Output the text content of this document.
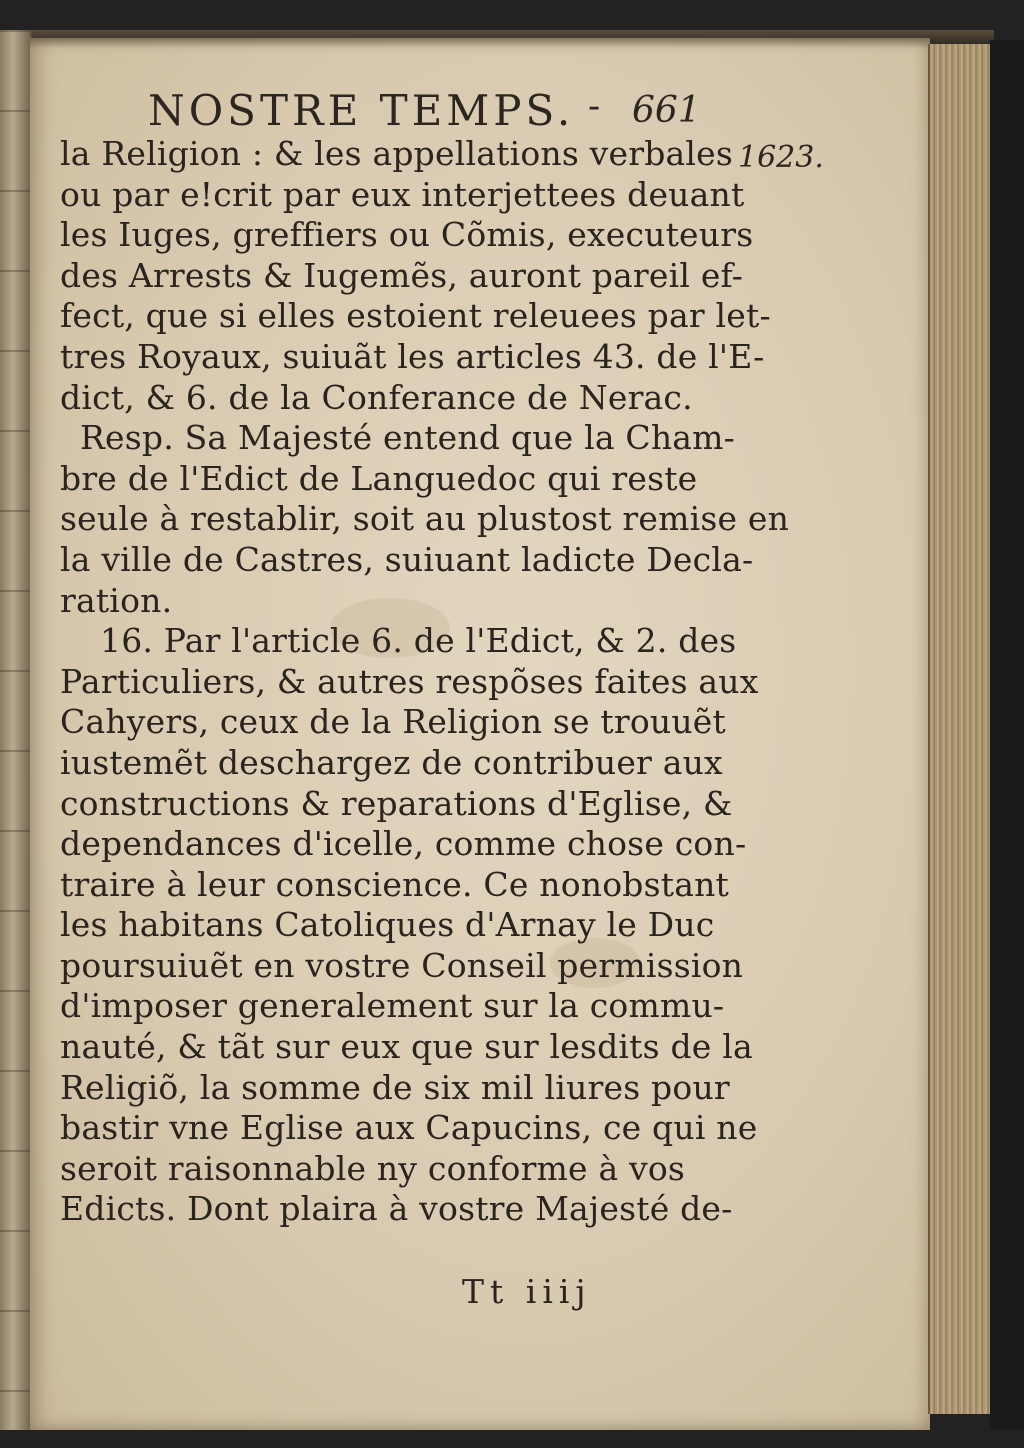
NOSTRE TEMPS. - 661
1623.
la Religion : & les appellations verbales
ou par e!crit par eux interjettees deuant
les Iuges, greffiers ou Cõmis, executeurs
des Arrests & Iugemẽs, auront pareil ef-
fect, que si elles estoient releuees par let-
tres Royaux, suiuãt les articles 43. de l'E-
dict, & 6. de la Conferance de Nerac.
Resp. Sa Majesté entend que la Cham-
bre de l'Edict de Languedoc qui reste
seule à restablir, soit au plustost remise en
la ville de Castres, suiuant ladicte Decla-
ration.
16. Par l'article 6. de l'Edict, & 2. des
Particuliers, & autres respõses faites aux
Cahyers, ceux de la Religion se trouuẽt
iustemẽt deschargez de contribuer aux
constructions & reparations d'Eglise, &
dependances d'icelle, comme chose con-
traire à leur conscience. Ce nonobstant
les habitans Catoliques d'Arnay le Duc
poursuiuẽt en vostre Conseil permission
d'imposer generalement sur la commu-
nauté, & tãt sur eux que sur lesdits de la
Religiõ, la somme de six mil liures pour
bastir vne Eglise aux Capucins, ce qui ne
seroit raisonnable ny conforme à vos
Edicts. Dont plaira à vostre Majesté de-
Tt iiij
